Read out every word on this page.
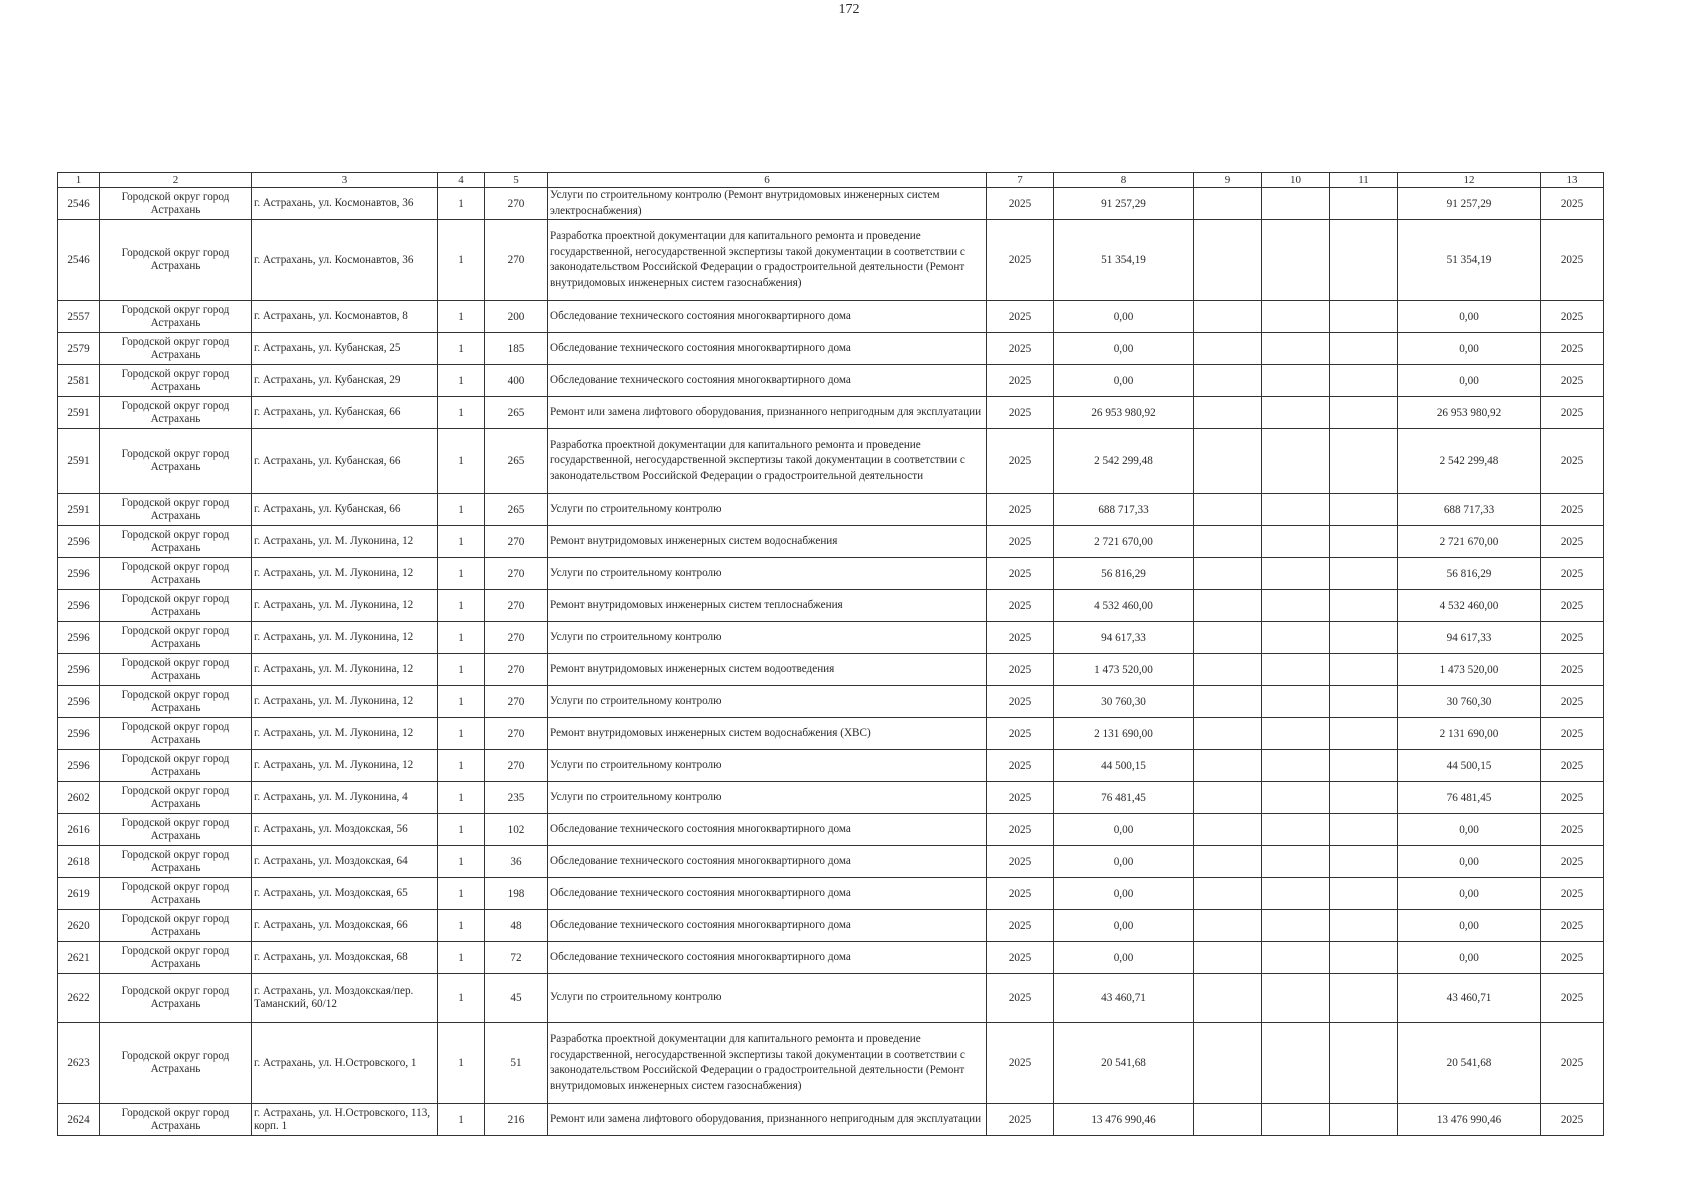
172
1	2	3	4	5	6	7	8	9	10	11	12	13
2546	Городской округ город Астрахань	г. Астрахань, ул. Космонавтов, 36	1	270	Услуги по строительному контролю (Ремонт внутридомовых инженерных систем электроснабжения)	2025	91 257,29				91 257,29	2025
2546	Городской округ город Астрахань	г. Астрахань, ул. Космонавтов, 36	1	270	Разработка проектной документации для капитального ремонта и проведение государственной, негосударственной экспертизы такой документации в соответствии с законодательством Российской Федерации о градостроительной деятельности (Ремонт внутридомовых инженерных систем газоснабжения)	2025	51 354,19				51 354,19	2025
2557	Городской округ город Астрахань	г. Астрахань, ул. Космонавтов, 8	1	200	Обследование технического состояния многоквартирного дома	2025	0,00				0,00	2025
2579	Городской округ город Астрахань	г. Астрахань, ул. Кубанская, 25	1	185	Обследование технического состояния многоквартирного дома	2025	0,00				0,00	2025
2581	Городской округ город Астрахань	г. Астрахань, ул. Кубанская, 29	1	400	Обследование технического состояния многоквартирного дома	2025	0,00				0,00	2025
2591	Городской округ город Астрахань	г. Астрахань, ул. Кубанская, 66	1	265	Ремонт или замена лифтового оборудования, признанного непригодным для эксплуатации	2025	26 953 980,92				26 953 980,92	2025
2591	Городской округ город Астрахань	г. Астрахань, ул. Кубанская, 66	1	265	Разработка проектной документации для капитального ремонта и проведение государственной, негосударственной экспертизы такой документации в соответствии с законодательством Российской Федерации о градостроительной деятельности	2025	2 542 299,48				2 542 299,48	2025
2591	Городской округ город Астрахань	г. Астрахань, ул. Кубанская, 66	1	265	Услуги по строительному контролю	2025	688 717,33				688 717,33	2025
2596	Городской округ город Астрахань	г. Астрахань, ул. М. Луконина, 12	1	270	Ремонт внутридомовых инженерных систем водоснабжения	2025	2 721 670,00				2 721 670,00	2025
2596	Городской округ город Астрахань	г. Астрахань, ул. М. Луконина, 12	1	270	Услуги по строительному контролю	2025	56 816,29				56 816,29	2025
2596	Городской округ город Астрахань	г. Астрахань, ул. М. Луконина, 12	1	270	Ремонт внутридомовых инженерных систем теплоснабжения	2025	4 532 460,00				4 532 460,00	2025
2596	Городской округ город Астрахань	г. Астрахань, ул. М. Луконина, 12	1	270	Услуги по строительному контролю	2025	94 617,33				94 617,33	2025
2596	Городской округ город Астрахань	г. Астрахань, ул. М. Луконина, 12	1	270	Ремонт внутридомовых инженерных систем водоотведения	2025	1 473 520,00				1 473 520,00	2025
2596	Городской округ город Астрахань	г. Астрахань, ул. М. Луконина, 12	1	270	Услуги по строительному контролю	2025	30 760,30				30 760,30	2025
2596	Городской округ город Астрахань	г. Астрахань, ул. М. Луконина, 12	1	270	Ремонт внутридомовых инженерных систем водоснабжения (ХВС)	2025	2 131 690,00				2 131 690,00	2025
2596	Городской округ город Астрахань	г. Астрахань, ул. М. Луконина, 12	1	270	Услуги по строительному контролю	2025	44 500,15				44 500,15	2025
2602	Городской округ город Астрахань	г. Астрахань, ул. М. Луконина, 4	1	235	Услуги по строительному контролю	2025	76 481,45				76 481,45	2025
2616	Городской округ город Астрахань	г. Астрахань, ул. Моздокская, 56	1	102	Обследование технического состояния многоквартирного дома	2025	0,00				0,00	2025
2618	Городской округ город Астрахань	г. Астрахань, ул. Моздокская, 64	1	36	Обследование технического состояния многоквартирного дома	2025	0,00				0,00	2025
2619	Городской округ город Астрахань	г. Астрахань, ул. Моздокская, 65	1	198	Обследование технического состояния многоквартирного дома	2025	0,00				0,00	2025
2620	Городской округ город Астрахань	г. Астрахань, ул. Моздокская, 66	1	48	Обследование технического состояния многоквартирного дома	2025	0,00				0,00	2025
2621	Городской округ город Астрахань	г. Астрахань, ул. Моздокская, 68	1	72	Обследование технического состояния многоквартирного дома	2025	0,00				0,00	2025
2622	Городской округ город Астрахань	г. Астрахань, ул. Моздокская/пер. Таманский, 60/12	1	45	Услуги по строительному контролю	2025	43 460,71				43 460,71	2025
2623	Городской округ город Астрахань	г. Астрахань, ул. Н.Островского, 1	1	51	Разработка проектной документации для капитального ремонта и проведение государственной, негосударственной экспертизы такой документации в соответствии с законодательством Российской Федерации о градостроительной деятельности (Ремонт внутридомовых инженерных систем газоснабжения)	2025	20 541,68				20 541,68	2025
2624	Городской округ город Астрахань	г. Астрахань, ул. Н.Островского, 113, корп. 1	1	216	Ремонт или замена лифтового оборудования, признанного непригодным для эксплуатации	2025	13 476 990,46				13 476 990,46	2025
